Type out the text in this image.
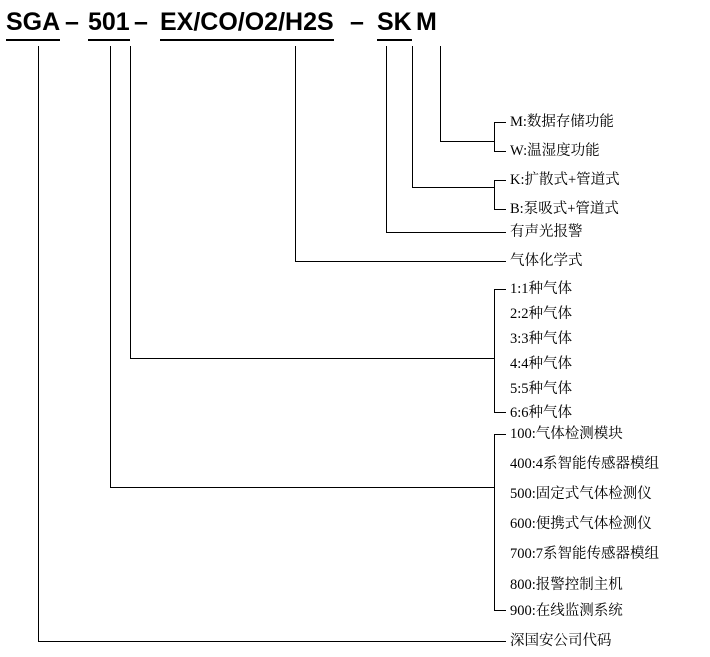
SGA – 501 – EX/CO/O2/H2S – SK M
M:数据存储功能
W:温湿度功能
K:扩散式+管道式
B:泵吸式+管道式
有声光报警
气体化学式
1:1种气体
2:2种气体
3:3种气体
4:4种气体
5:5种气体
6:6种气体
100:气体检测模块
400:4系智能传感器模组
500:固定式气体检测仪
600:便携式气体检测仪
700:7系智能传感器模组
800:报警控制主机
900:在线监测系统
深国安公司代码
